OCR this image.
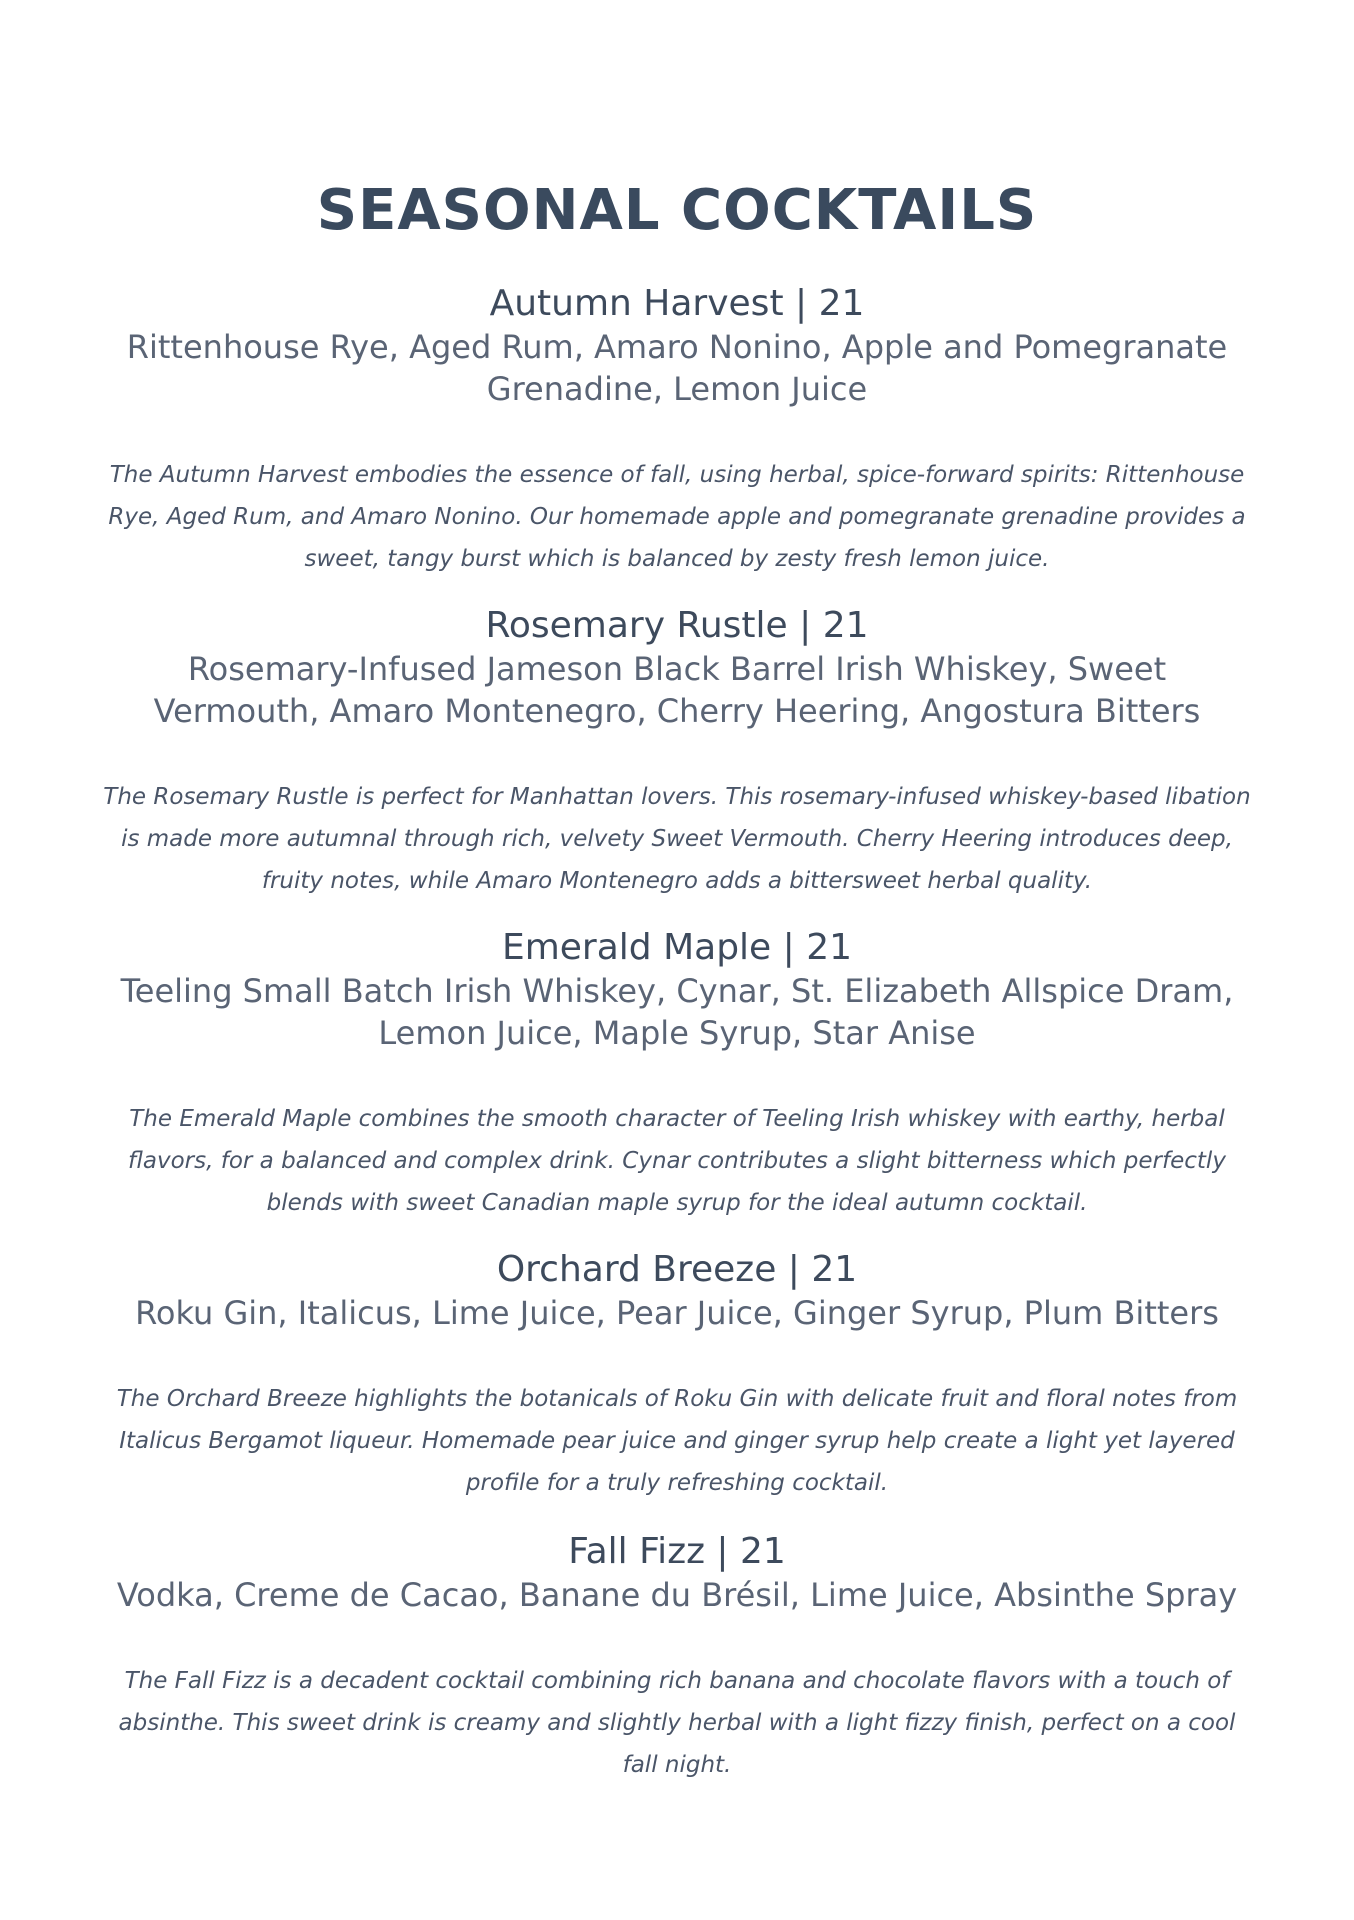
SEASONAL COCKTAILS

Autumn Harvest | 21

Rittenhouse Rye, Aged Rum, Amaro Nonino, Apple and Pomegranate Grenadine, Lemon Juice

The Autumn Harvest embodies the essence of fall, using herbal, spice-forward spirits: Rittenhouse Rye, Aged Rum, and Amaro Nonino. Our homemade apple and pomegranate grenadine provides a sweet, tangy burst which is balanced by zesty fresh lemon juice.

Rosemary Rustle | 21

Rosemary-Infused Jameson Black Barrel Irish Whiskey, Sweet Vermouth, Amaro Montenegro, Cherry Heering, Angostura Bitters

The Rosemary Rustle is perfect for Manhattan lovers. This rosemary-infused whiskey-based libation is made more autumnal through rich, velvety Sweet Vermouth. Cherry Heering introduces deep, fruity notes, while Amaro Montenegro adds a bittersweet herbal quality.

Emerald Maple | 21

Teeling Small Batch Irish Whiskey, Cynar, St. Elizabeth Allspice Dram, Lemon Juice, Maple Syrup, Star Anise

The Emerald Maple combines the smooth character of Teeling Irish whiskey with earthy, herbal flavors, for a balanced and complex drink. Cynar contributes a slight bitterness which perfectly blends with sweet Canadian maple syrup for the ideal autumn cocktail.

Orchard Breeze | 21

Roku Gin, Italicus, Lime Juice, Pear Juice, Ginger Syrup, Plum Bitters

The Orchard Breeze highlights the botanicals of Roku Gin with delicate fruit and floral notes from Italicus Bergamot liqueur. Homemade pear juice and ginger syrup help create a light yet layered profile for a truly refreshing cocktail.

Fall Fizz | 21

Vodka, Creme de Cacao, Banane du Brésil, Lime Juice, Absinthe Spray

The Fall Fizz is a decadent cocktail combining rich banana and chocolate flavors with a touch of absinthe. This sweet drink is creamy and slightly herbal with a light fizzy finish, perfect on a cool fall night.
